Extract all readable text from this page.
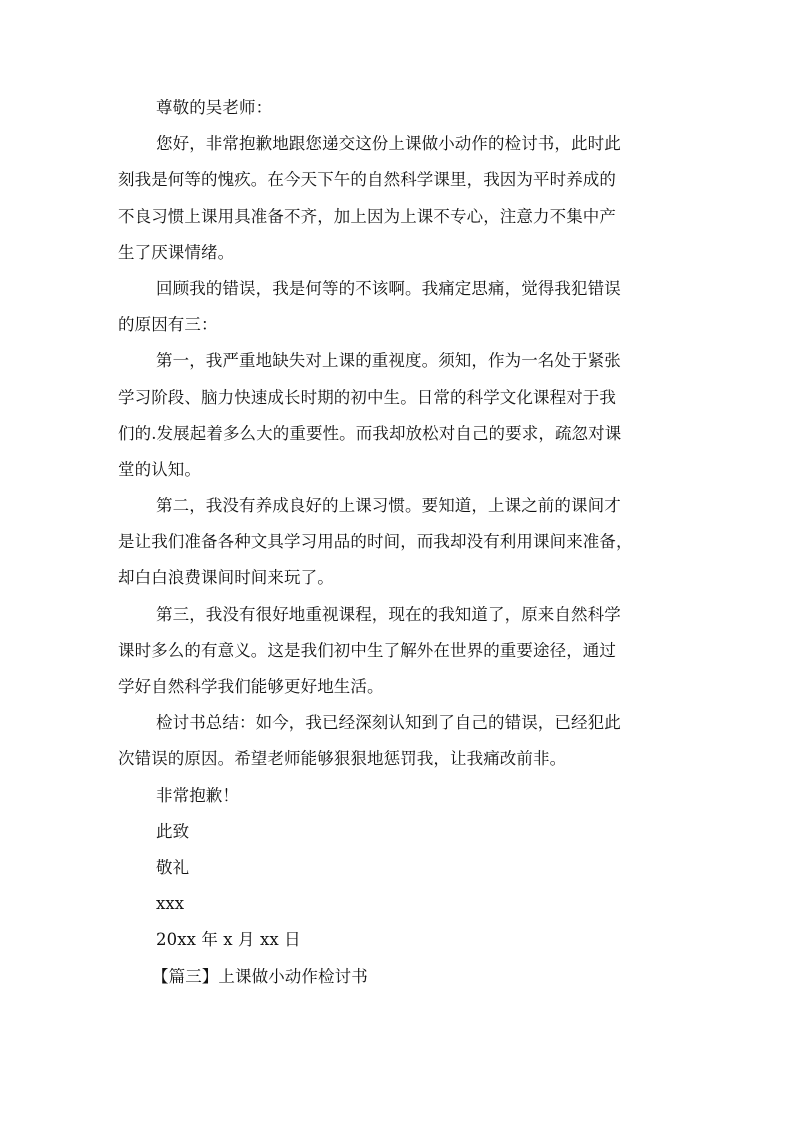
尊敬的吴老师：
您好，非常抱歉地跟您递交这份上课做小动作的检讨书，此时此
刻我是何等的愧疚。在今天下午的自然科学课里，我因为平时养成的
不良习惯上课用具准备不齐，加上因为上课不专心，注意力不集中产
生了厌课情绪。
回顾我的错误，我是何等的不该啊。我痛定思痛，觉得我犯错误
的原因有三：
第一，我严重地缺失对上课的重视度。须知，作为一名处于紧张
学习阶段、脑力快速成长时期的初中生。日常的科学文化课程对于我
们的.发展起着多么大的重要性。而我却放松对自己的要求，疏忽对课
堂的认知。
第二，我没有养成良好的上课习惯。要知道，上课之前的课间才
是让我们准备各种文具学习用品的时间，而我却没有利用课间来准备，
却白白浪费课间时间来玩了。
第三，我没有很好地重视课程，现在的我知道了，原来自然科学
课时多么的有意义。这是我们初中生了解外在世界的重要途径，通过
学好自然科学我们能够更好地生活。
检讨书总结：如今，我已经深刻认知到了自己的错误，已经犯此
次错误的原因。希望老师能够狠狠地惩罚我，让我痛改前非。
非常抱歉！
此致
敬礼
xxx
20xx 年 x 月 xx 日
【篇三】上课做小动作检讨书
